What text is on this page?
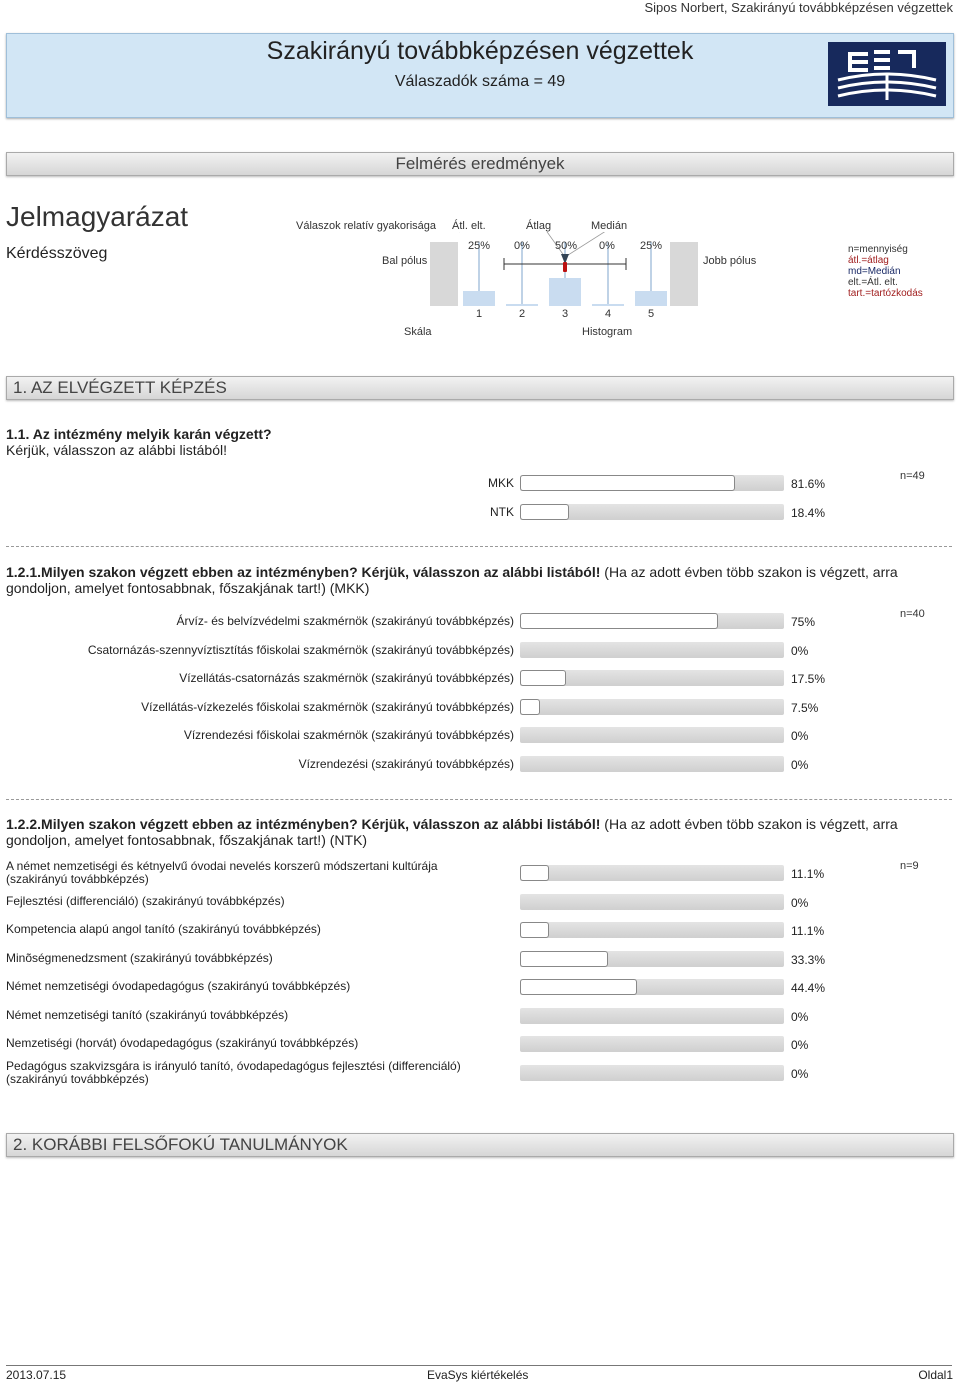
Sipos Norbert, Szakirányú továbbképzésen végzettek
Szakirányú továbbképzésen végzettek
Válaszadók száma = 49
Felmérés eredmények
Jelmagyarázat
Kérdésszöveg
Válaszok relatív gyakorisága Átl. elt.	Átlag	Medián
Bal pólus	Jobb pólus
25% 0% 50% 0% 25%
1	2	3	4	5
Skála	Histogram
n=mennyiség
átl.=átlag
md=Medián
elt.=Átl. elt.
tart.=tartózkodás
1. AZ ELVÉGZETT KÉPZÉS
1.1. Az intézmény melyik karán végzett?
Kérjük, válasszon az alábbi listából!
n=49
MKK	81.6%
NTK	18.4%
1.2.1.Milyen szakon végzett ebben az intézményben? Kérjük, válasszon az alábbi listából! (Ha az adott évben több szakon is végzett, arra gondoljon, amelyet fontosabbnak, főszakjának tart!) (MKK)
n=40
Árvíz- és belvízvédelmi szakmérnök (szakirányú továbbképzés)	75%
Csatornázás-szennyvíztisztítás főiskolai szakmérnök (szakirányú továbbképzés)	0%
Vízellátás-csatornázás szakmérnök (szakirányú továbbképzés)	17.5%
Vízellátás-vízkezelés főiskolai szakmérnök (szakirányú továbbképzés)	7.5%
Vízrendezési főiskolai szakmérnök (szakirányú továbbképzés)	0%
Vízrendezési (szakirányú továbbképzés)	0%
1.2.2.Milyen szakon végzett ebben az intézményben? Kérjük, válasszon az alábbi listából! (Ha az adott évben több szakon is végzett, arra gondoljon, amelyet fontosabbnak, főszakjának tart!) (NTK)
n=9
A német nemzetiségi és kétnyelvű óvodai nevelés korszerû módszertani kultúrája (szakirányú továbbképzés)	11.1%
Fejlesztési (differenciáló) (szakirányú továbbképzés)	0%
Kompetencia alapú angol tanító (szakirányú továbbképzés)	11.1%
Minõségmenedzsment (szakirányú továbbképzés)	33.3%
Német nemzetiségi óvodapedagógus (szakirányú továbbképzés)	44.4%
Német nemzetiségi tanító (szakirányú továbbképzés)	0%
Nemzetiségi (horvát) óvodapedagógus (szakirányú továbbképzés)	0%
Pedagógus szakvizsgára is irányuló tanító, óvodapedagógus fejlesztési (differenciáló) (szakirányú továbbképzés)	0%
2. KORÁBBI FELSŐFOKÚ TANULMÁNYOK
2013.07.15	EvaSys kiértékelés	Oldal1
